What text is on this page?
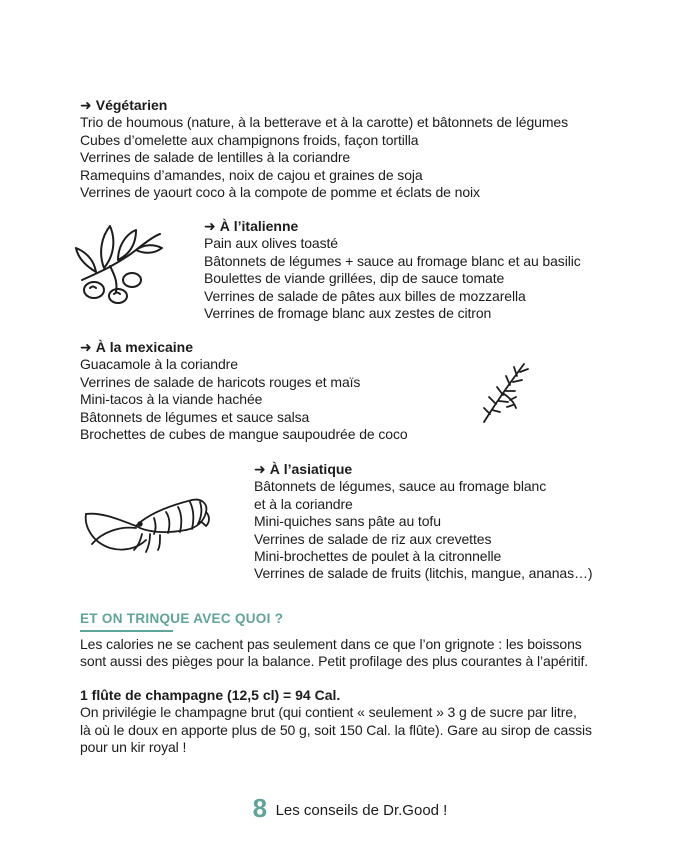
➜ Végétarien
Trio de houmous (nature, à la betterave et à la carotte) et bâtonnets de légumes
Cubes d’omelette aux champignons froids, façon tortilla
Verrines de salade de lentilles à la coriandre
Ramequins d’amandes, noix de cajou et graines de soja
Verrines de yaourt coco à la compote de pomme et éclats de noix
➜ À l’italienne
Pain aux olives toasté
Bâtonnets de légumes + sauce au fromage blanc et au basilic
Boulettes de viande grillées, dip de sauce tomate
Verrines de salade de pâtes aux billes de mozzarella
Verrines de fromage blanc aux zestes de citron
➜ À la mexicaine
Guacamole à la coriandre
Verrines de salade de haricots rouges et maïs
Mini-tacos à la viande hachée
Bâtonnets de légumes et sauce salsa
Brochettes de cubes de mangue saupoudrée de coco
➜ À l’asiatique
Bâtonnets de légumes, sauce au fromage blanc
et à la coriandre
Mini-quiches sans pâte au tofu
Verrines de salade de riz aux crevettes
Mini-brochettes de poulet à la citronnelle
Verrines de salade de fruits (litchis, mangue, ananas…)
ET ON TRINQUE AVEC QUOI ?
Les calories ne se cachent pas seulement dans ce que l’on grignote : les boissons
sont aussi des pièges pour la balance. Petit profilage des plus courantes à l’apéritif.
1 flûte de champagne (12,5 cl) = 94 Cal.
On privilégie le champagne brut (qui contient « seulement » 3 g de sucre par litre,
là où le doux en apporte plus de 50 g, soit 150 Cal. la flûte). Gare au sirop de cassis
pour un kir royal !
8 Les conseils de Dr.Good !
